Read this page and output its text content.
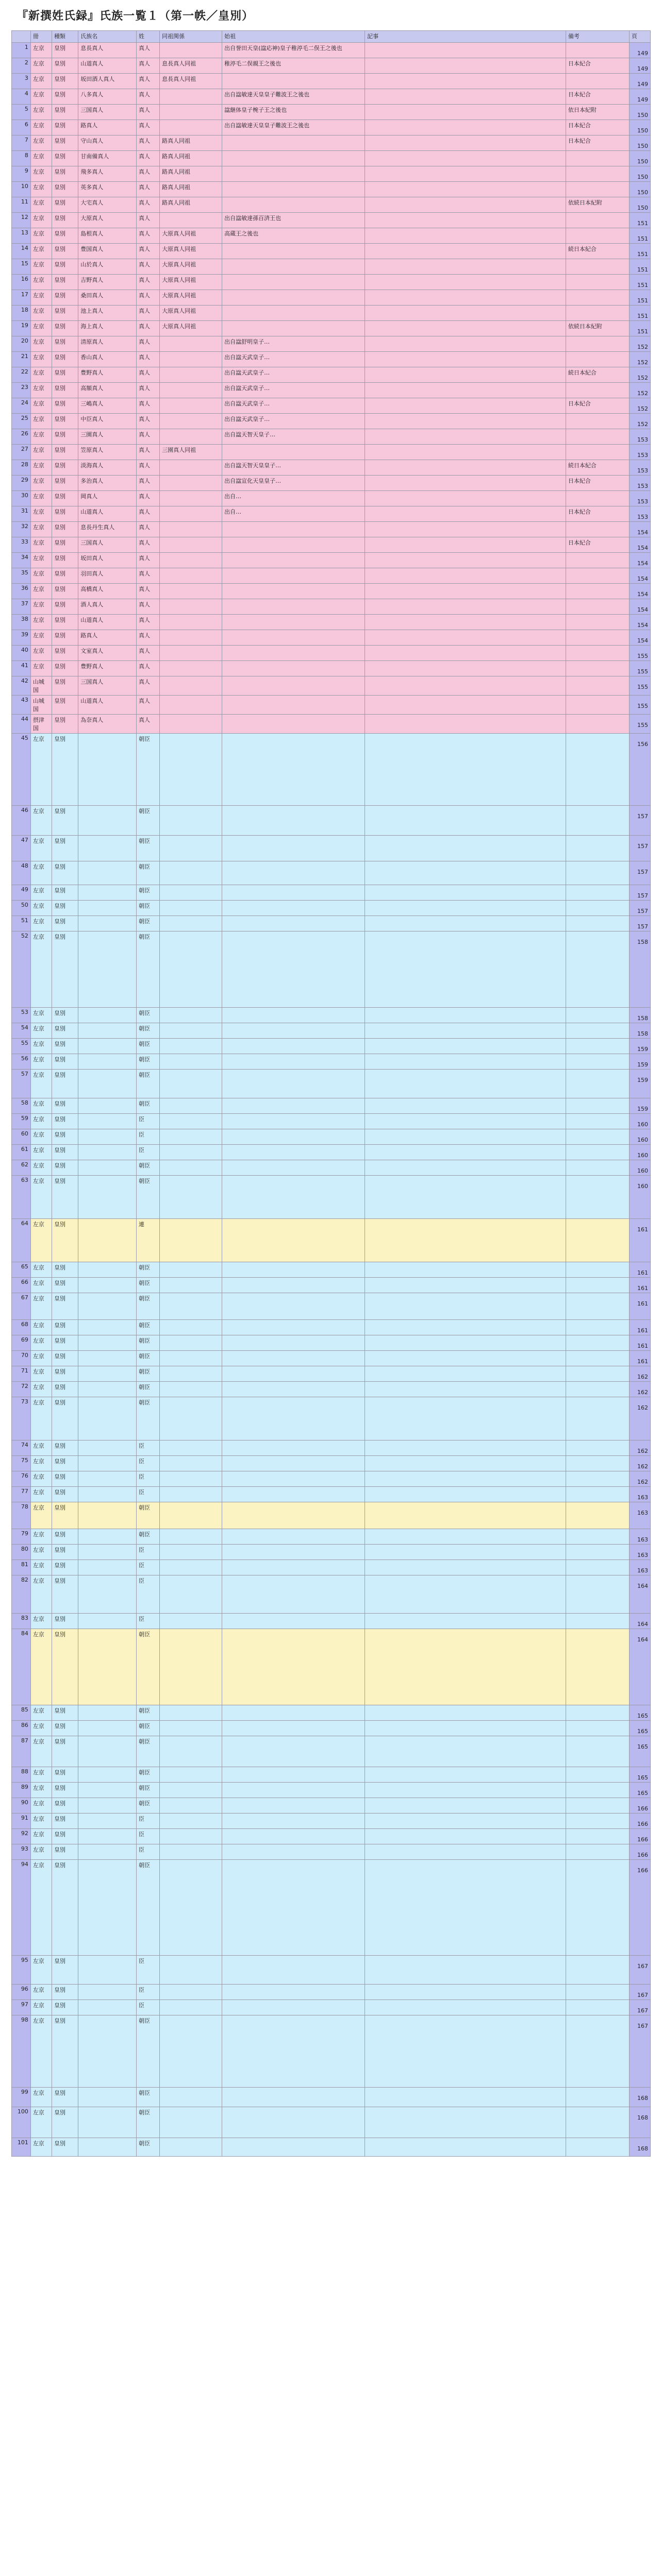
『新撰姓氏録』氏族一覧１（第一帙／皇別）
	冊	種類	氏族名	姓	同祖関係	始祖	記事	備考	頁
1	左京	皇別	息長真人	真人		出自誉田天皇(諡応神)皇子稚渟毛二俣王之後也			149
2	左京	皇別	山道真人	真人	息長真人同祖	稚渟毛二俣親王之後也		日本紀合	149
3	左京	皇別	坂田酒人真人	真人	息長真人同祖				149
4	左京	皇別	八多真人	真人		出自諡敏達天皇皇子難波王之後也		日本紀合	149
5	左京	皇別	三国真人	真人		諡継体皇子椀子王之後也		依日本紀附	150
6	左京	皇別	路真人	真人		出自諡敏達天皇皇子難波王之後也		日本紀合	150
7	左京	皇別	守山真人	真人	路真人同祖			日本紀合	150
8	左京	皇別	甘南備真人	真人	路真人同祖				150
9	左京	皇別	飛多真人	真人	路真人同祖				150
10	左京	皇別	英多真人	真人	路真人同祖				150
11	左京	皇別	大宅真人	真人	路真人同祖			依続日本紀附	150
12	左京	皇別	大原真人	真人		出自諡敏達孫百済王也			151
13	左京	皇別	島根真人	真人	大原真人同祖	高蔵王之後也			151
14	左京	皇別	豊国真人	真人	大原真人同祖			続日本紀合	151
15	左京	皇別	山於真人	真人	大原真人同祖				151
16	左京	皇別	吉野真人	真人	大原真人同祖				151
17	左京	皇別	桑田真人	真人	大原真人同祖				151
18	左京	皇別	池上真人	真人	大原真人同祖				151
19	左京	皇別	海上真人	真人	大原真人同祖			依続日本紀附	151
20	左京	皇別	清原真人	真人		出自諡舒明皇子…			152
21	左京	皇別	香山真人	真人		出自諡天武皇子…			152
22	左京	皇別	豊野真人	真人		出自諡天武皇子…		続日本紀合	152
23	左京	皇別	高額真人	真人		出自諡天武皇子…			152
24	左京	皇別	三嶋真人	真人		出自諡天武皇子…		日本紀合	152
25	左京	皇別	中臣真人	真人		出自諡天武皇子…			152
26	左京	皇別	三園真人	真人		出自諡天智天皇子…			153
27	左京	皇別	笠原真人	真人	三園真人同祖				153
28	左京	皇別	淡海真人	真人		出自諡天智天皇皇子…		続日本紀合	153
29	左京	皇別	多治真人	真人		出自諡宣化天皇皇子…		日本紀合	153
30	左京	皇別	岡真人	真人		出自…			153
31	左京	皇別	山道真人	真人		出自…		日本紀合	153
32	左京	皇別	息長丹生真人	真人					154
33	左京	皇別	三国真人	真人				日本紀合	154
34	左京	皇別	坂田真人	真人					154
35	左京	皇別	羽田真人	真人					154
36	左京	皇別	高橋真人	真人					154
37	左京	皇別	酒人真人	真人					154
38	左京	皇別	山道真人	真人					154
39	左京	皇別	路真人	真人					154
40	左京	皇別	文室真人	真人					155
41	左京	皇別	豊野真人	真人					155
42	山城国	皇別	三国真人	真人					155
43	山城国	皇別	山道真人	真人					155
44	摂津国	皇別	為奈真人	真人					155
45	左京	皇別		朝臣					156
46	左京	皇別		朝臣					157
47	左京	皇別		朝臣					157
48	左京	皇別		朝臣					157
49	左京	皇別		朝臣					157
50	左京	皇別		朝臣					157
51	左京	皇別		朝臣					157
52	左京	皇別		朝臣					158
53	左京	皇別		朝臣					158
54	左京	皇別		朝臣					158
55	左京	皇別		朝臣					159
56	左京	皇別		朝臣					159
57	左京	皇別		朝臣					159
58	左京	皇別		朝臣					159
59	左京	皇別		臣					160
60	左京	皇別		臣					160
61	左京	皇別		臣					160
62	左京	皇別		朝臣					160
63	左京	皇別		朝臣					160
64	左京	皇別		連					161
65	左京	皇別		朝臣					161
66	左京	皇別		朝臣					161
67	左京	皇別		朝臣					161
68	左京	皇別		朝臣					161
69	左京	皇別		朝臣					161
70	左京	皇別		朝臣					161
71	左京	皇別		朝臣					162
72	左京	皇別		朝臣					162
73	左京	皇別		朝臣					162
74	左京	皇別		臣					162
75	左京	皇別		臣					162
76	左京	皇別		臣					162
77	左京	皇別		臣					163
78	左京	皇別		朝臣					163
79	左京	皇別		朝臣					163
80	左京	皇別		臣					163
81	左京	皇別		臣					163
82	左京	皇別		臣					164
83	左京	皇別		臣					164
84	左京	皇別		朝臣					164
85	左京	皇別		朝臣					165
86	左京	皇別		朝臣					165
87	左京	皇別		朝臣					165
88	左京	皇別		朝臣					165
89	左京	皇別		朝臣					165
90	左京	皇別		朝臣					166
91	左京	皇別		臣					166
92	左京	皇別		臣					166
93	左京	皇別		臣					166
94	左京	皇別		朝臣					166
95	左京	皇別		臣					167
96	左京	皇別		臣					167
97	左京	皇別		臣					167
98	左京	皇別		朝臣					167
99	左京	皇別		朝臣					168
100	左京	皇別		朝臣					168
101	左京	皇別		朝臣					168
